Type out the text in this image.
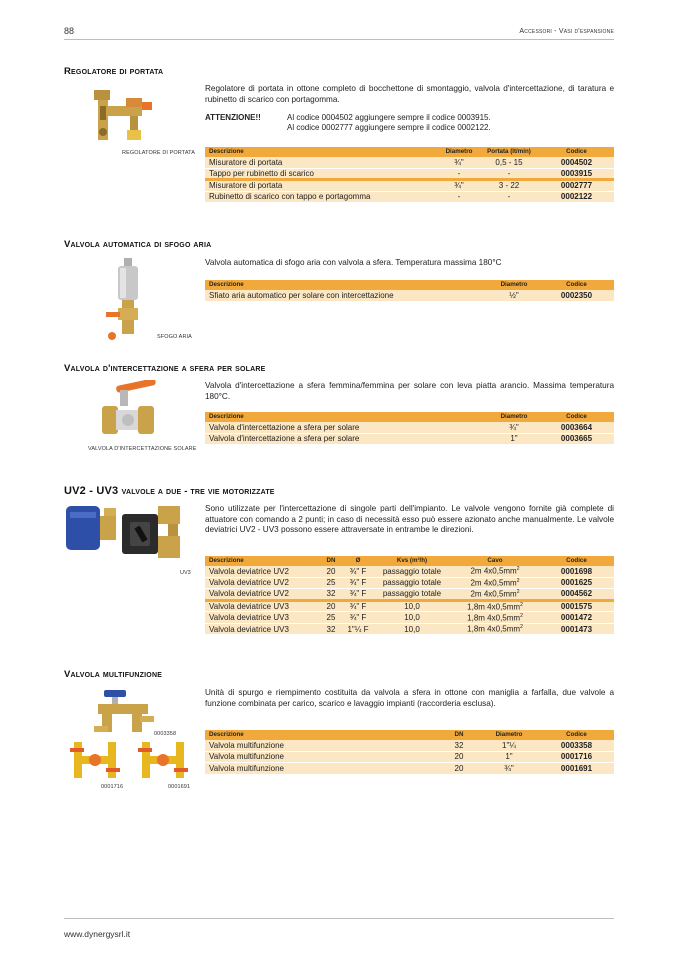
88	Accessori - Vasi d'espansione
Regolatore di portata
REGOLATORE DI PORTATA
Regolatore di portata in ottone completo di bocchettone di smontaggio, valvola d'intercettazione, di taratura e rubinetto di scarico con portagomma.
ATTENZIONE!!	Al codice 0004502 aggiungere sempre il codice 0003915.
Al codice 0002777 aggiungere sempre il codice 0002122.
Descrizione	Diametro	Portata (lt/min)	Codice
Misuratore di portata	¾"	0,5 - 15	0004502
Tappo per rubinetto di scarico	-	-	0003915
Misuratore di portata	¾"	3 - 22	0002777
Rubinetto di scarico con tappo e portagomma	-	-	0002122
Valvola automatica di sfogo aria
SFOGO ARIA
Valvola automatica di sfogo aria con valvola a sfera. Temperatura massima 180°C
Descrizione	Diametro	Codice
Sfiato aria automatico per solare con intercettazione	½"	0002350
Valvola d'intercettazione a sfera per solare
VALVOLA D'INTERCETTAZIONE SOLARE
Valvola d'intercettazione a sfera femmina/femmina per solare con leva piatta arancio. Massima temperatura 180°C.
Descrizione	Diametro	Codice
Valvola d'intercettazione a sfera per solare	¾"	0003664
Valvola d'intercettazione a sfera per solare	1"	0003665
UV2 - UV3 valvole a due - tre vie motorizzate
UV3
Sono utilizzate per l'intercettazione di singole parti dell'impianto. Le valvole vengono fornite già complete di attuatore con comando a 2 punti; in caso di necessità esso può essere azionato anche manualmente. Le valvole deviatrici UV2 - UV3 possono essere attraversate in entrambe le direzioni.
Descrizione	DN	Ø	Kvs (m³/h)	Cavo	Codice
Valvola deviatrice UV2	20	¾" F	passaggio totale	2m $4x0,5mm^2$	0001698
Valvola deviatrice UV2	25	¾" F	passaggio totale	2m $4x0,5mm^2$	0001625
Valvola deviatrice UV2	32	¾" F	passaggio totale	2m $4x0,5mm^2$	0004562
Valvola deviatrice UV3	20	¾" F	10,0	1,8m $4x0,5mm^2$	0001575
Valvola deviatrice UV3	25	¾" F	10,0	1,8m $4x0,5mm^2$	0001472
Valvola deviatrice UV3	32	1"¼ F	10,0	1,8m $4x0,5mm^2$	0001473
Valvola multifunzione
0003358
0001716	0001691
Unità di spurgo e riempimento costituita da valvola a sfera in ottone con maniglia a farfalla, due valvole a funzione combinata per carico, scarico e lavaggio impianti (raccorderia esclusa).
Descrizione	DN	Diametro	Codice
Valvola multifunzione	32	1"¼	0003358
Valvola multifunzione	20	1"	0001716
Valvola multifunzione	20	¾"	0001691
www.dynergysrl.it
